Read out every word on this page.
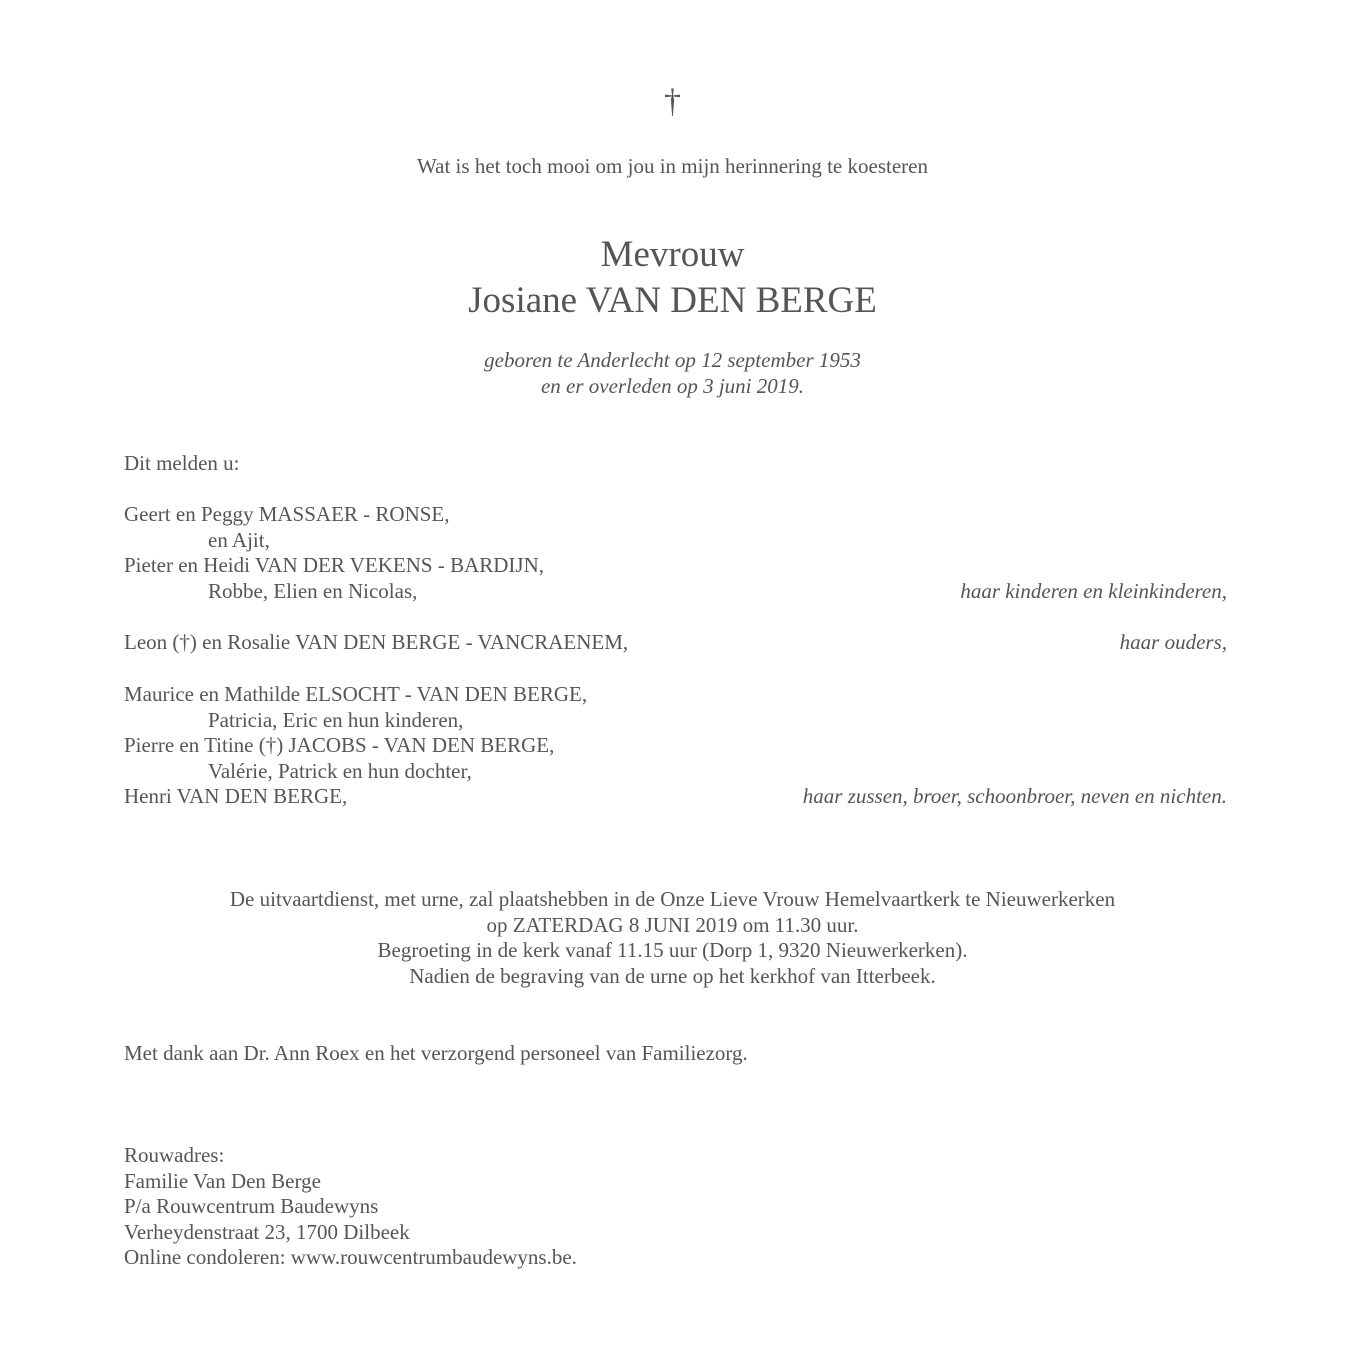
†

Wat is het toch mooi om jou in mijn herinnering te koesteren

Mevrouw

Josiane VAN DEN BERGE

geboren te Anderlecht op 12 september 1953

en er overleden op 3 juni 2019.

Dit melden u:

Geert en Peggy MASSAER - RONSE,

en Ajit,

Pieter en Heidi VAN DER VEKENS - BARDIJN,

Robbe, Elien en Nicolas,	haar kinderen en kleinkinderen,

Leon (†) en Rosalie VAN DEN BERGE - VANCRAENEM,	haar ouders,

Maurice en Mathilde ELSOCHT - VAN DEN BERGE,

Patricia, Eric en hun kinderen,

Pierre en Titine (†) JACOBS - VAN DEN BERGE,

Valérie, Patrick en hun dochter,

Henri VAN DEN BERGE,	haar zussen, broer, schoonbroer, neven en nichten.

De uitvaartdienst, met urne, zal plaatshebben in de Onze Lieve Vrouw Hemelvaartkerk te Nieuwerkerken

op ZATERDAG 8 JUNI 2019 om 11.30 uur.

Begroeting in de kerk vanaf 11.15 uur (Dorp 1, 9320 Nieuwerkerken).

Nadien de begraving van de urne op het kerkhof van Itterbeek.

Met dank aan Dr. Ann Roex en het verzorgend personeel van Familiezorg.

Rouwadres:

Familie Van Den Berge

P/a Rouwcentrum Baudewyns

Verheydenstraat 23, 1700 Dilbeek

Online condoleren: www.rouwcentrumbaudewyns.be.
